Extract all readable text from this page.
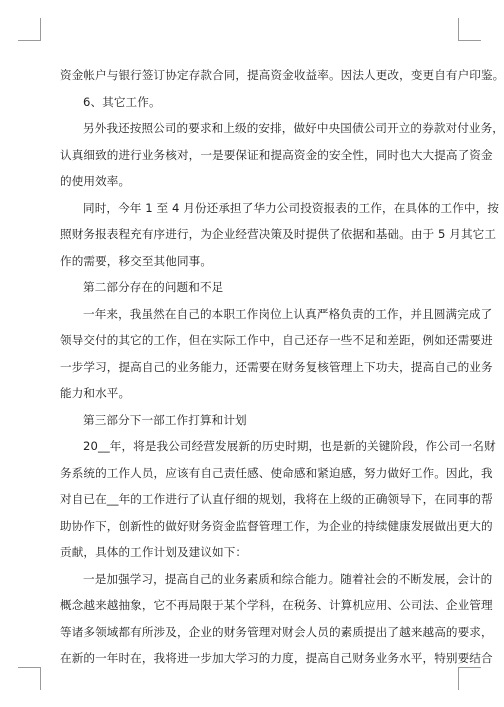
资金帐户与银行签订协定存款合同，提高资金收益率。因法人更改，变更自有户印鉴。
6、其它工作。
另外我还按照公司的要求和上级的安排，做好中央国债公司开立的券款对付业务，
认真细致的进行业务核对，一是要保证和提高资金的安全性，同时也大大提高了资金
的使用效率。
同时，今年 1 至 4 月份还承担了华力公司投资报表的工作，在具体的工作中，按
照财务报表程充有序进行，为企业经营决策及时提供了依据和基础。由于 5 月其它工
作的需要，移交至其他同事。
第二部分存在的问题和不足
一年来，我虽然在自己的本职工作岗位上认真严格负责的工作，并且圆满完成了
领导交付的其它的工作，但在实际工作中，自己还存一些不足和差距，例如还需要进
一步学习，提高自己的业务能力，还需要在财务复核管理上下功夫，提高自己的业务
能力和水平。
第三部分下一部工作打算和计划
20__年，将是我公司经营发展新的历史时期，也是新的关键阶段，作公司一名财
务系统的工作人员，应该有自己责任感、使命感和紧迫感，努力做好工作。因此，我
对自已在__年的工作进行了认直仔细的规划，我将在上级的正确领导下，在同事的帮
助协作下，创新性的做好财务资金监督管理工作，为企业的持续健康发展做出更大的
贡献，具体的工作计划及建议如下：
一是加强学习，提高自己的业务素质和综合能力。随着社会的不断发展，会计的
概念越来越抽象，它不再局限于某个学科，在税务、计算机应用、公司法、企业管理
等诸多领域都有所涉及，企业的财务管理对财会人员的素质提出了越来越高的要求，
在新的一年时在，我将进一步加大学习的力度，提高自己财务业务水平，特别要结合
